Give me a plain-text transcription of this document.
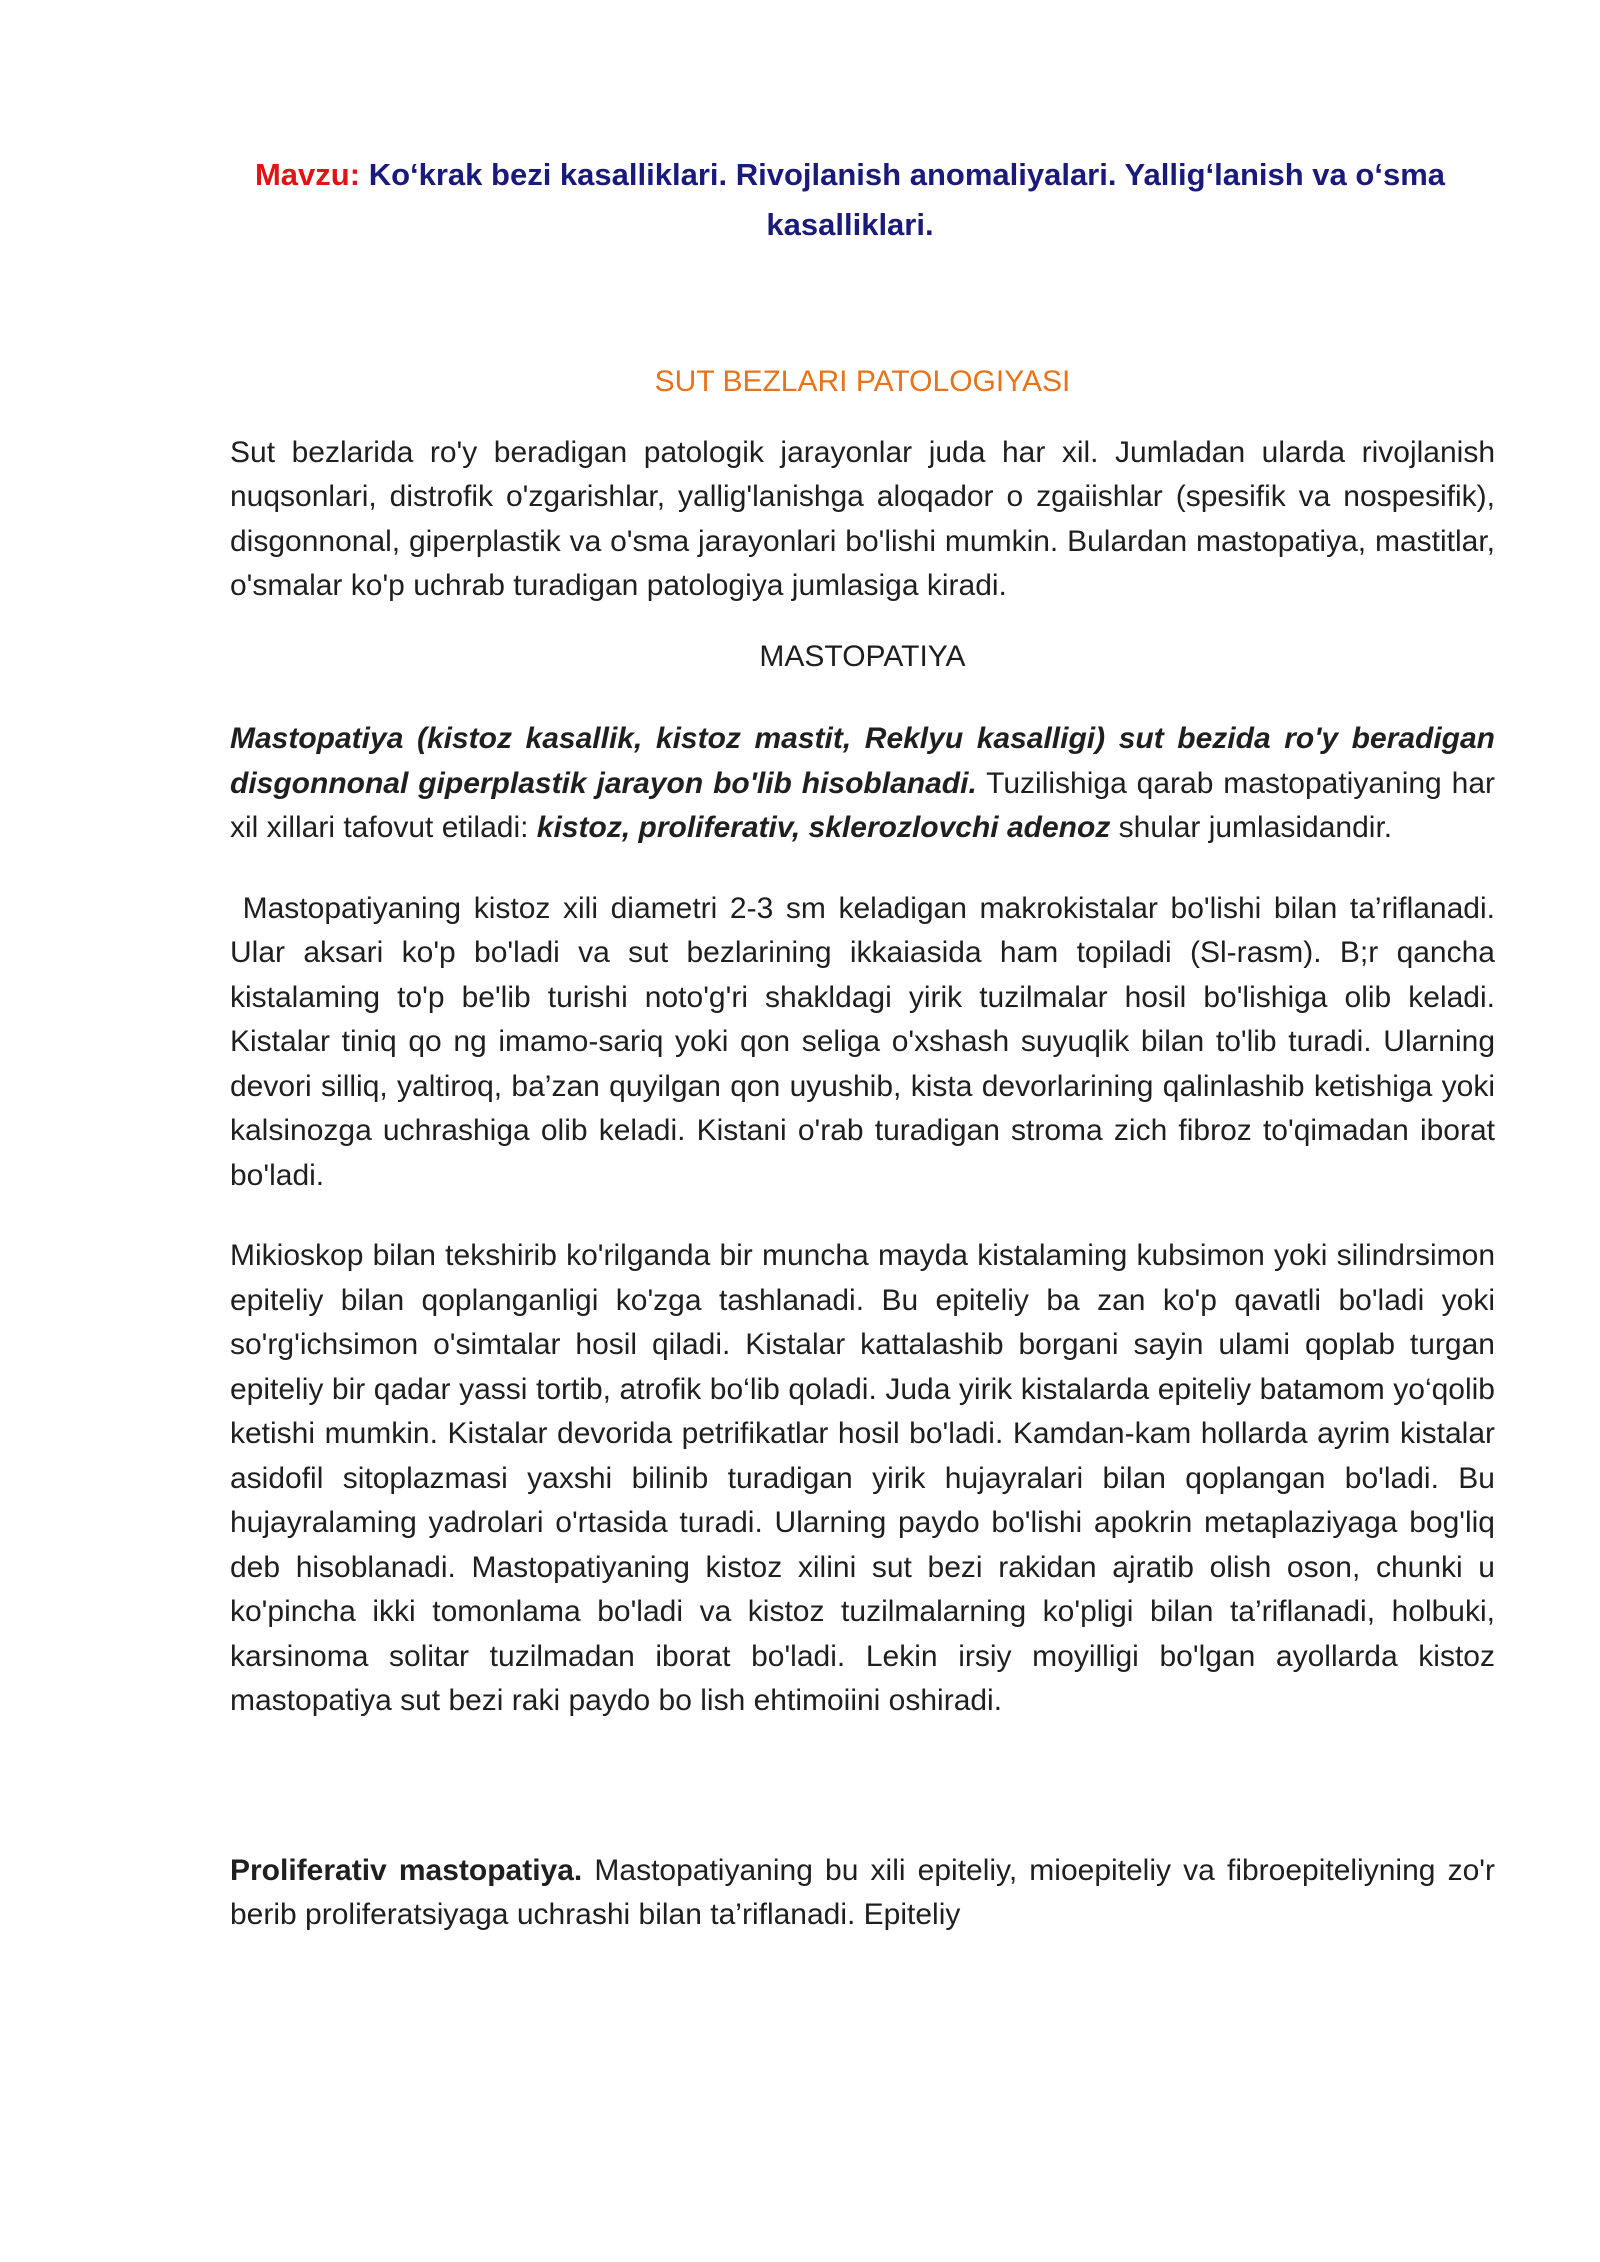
Mavzu: Ko‘krak bezi kasalliklari. Rivojlanish anomaliyalari. Yallig‘lanish va o‘sma kasalliklari.

SUT BEZLARI PATOLOGIYASI

Sut bezlarida ro'y beradigan patologik jarayonlar juda har xil. Jumladan ularda rivojlanish nuqsonlari, distrofik o'zgarishlar, yallig'lanishga aloqador o zgaiishlar (spesifik va nospesifik), disgonnonal, giperplastik va o'sma jarayonlari bo'lishi mumkin. Bulardan mastopatiya, mastitlar, o'smalar ko'p uchrab turadigan patologiya jumlasiga kiradi.

MASTOPATIYA

Mastopatiya (kistoz kasallik, kistoz mastit, Reklyu kasalligi) sut bezida ro'y beradigan disgonnonal giperplastik jarayon bo'lib hisoblanadi. Tuzilishiga qarab mastopatiyaning har xil xillari tafovut etiladi: kistoz, proliferativ, sklerozlovchi adenoz shular jumlasidandir.

Mastopatiyaning kistoz xili diametri 2-3 sm keladigan makrokistalar bo'lishi bilan ta’riflanadi. Ular aksari ko'p bo'ladi va sut bezlarining ikkaiasida ham topiladi (Sl-rasm). B;r qancha kistalaming to'p be'lib turishi noto'g'ri shakldagi yirik tuzilmalar hosil bo'lishiga olib keladi. Kistalar tiniq qo ng imamo-sariq yoki qon seliga o'xshash suyuqlik bilan to'lib turadi. Ularning devori silliq, yaltiroq, ba’zan quyilgan qon uyushib, kista devorlarining qalinlashib ketishiga yoki kalsinozga uchrashiga olib keladi. Kistani o'rab turadigan stroma zich fibroz to'qimadan iborat bo'ladi.

Mikioskop bilan tekshirib ko'rilganda bir muncha mayda kistalaming kubsimon yoki silindrsimon epiteliy bilan qoplanganligi ko'zga tashlanadi. Bu epiteliy ba zan ko'p qavatli bo'ladi yoki so'rg'ichsimon o'simtalar hosil qiladi. Kistalar kattalashib borgani sayin ulami qoplab turgan epiteliy bir qadar yassi tortib, atrofik bo‘lib qoladi. Juda yirik kistalarda epiteliy batamom yo‘qolib ketishi mumkin. Kistalar devorida petrifikatlar hosil bo'ladi. Kamdan-kam hollarda ayrim kistalar asidofil sitoplazmasi yaxshi bilinib turadigan yirik hujayralari bilan qoplangan bo'ladi. Bu hujayralaming yadrolari o'rtasida turadi. Ularning paydo bo'lishi apokrin metaplaziyaga bog'liq deb hisoblanadi. Mastopatiyaning kistoz xilini sut bezi rakidan ajratib olish oson, chunki u ko'pincha ikki tomonlama bo'ladi va kistoz tuzilmalarning ko'pligi bilan ta’riflanadi, holbuki, karsinoma solitar tuzilmadan iborat bo'ladi. Lekin irsiy moyilligi bo'lgan ayollarda kistoz mastopatiya sut bezi raki paydo bo lish ehtimoiini oshiradi.

Proliferativ mastopatiya. Mastopatiyaning bu xili epiteliy, mioepiteliy va fibroepiteliyning zo'r berib proliferatsiyaga uchrashi bilan ta’riflanadi. Epiteliy
